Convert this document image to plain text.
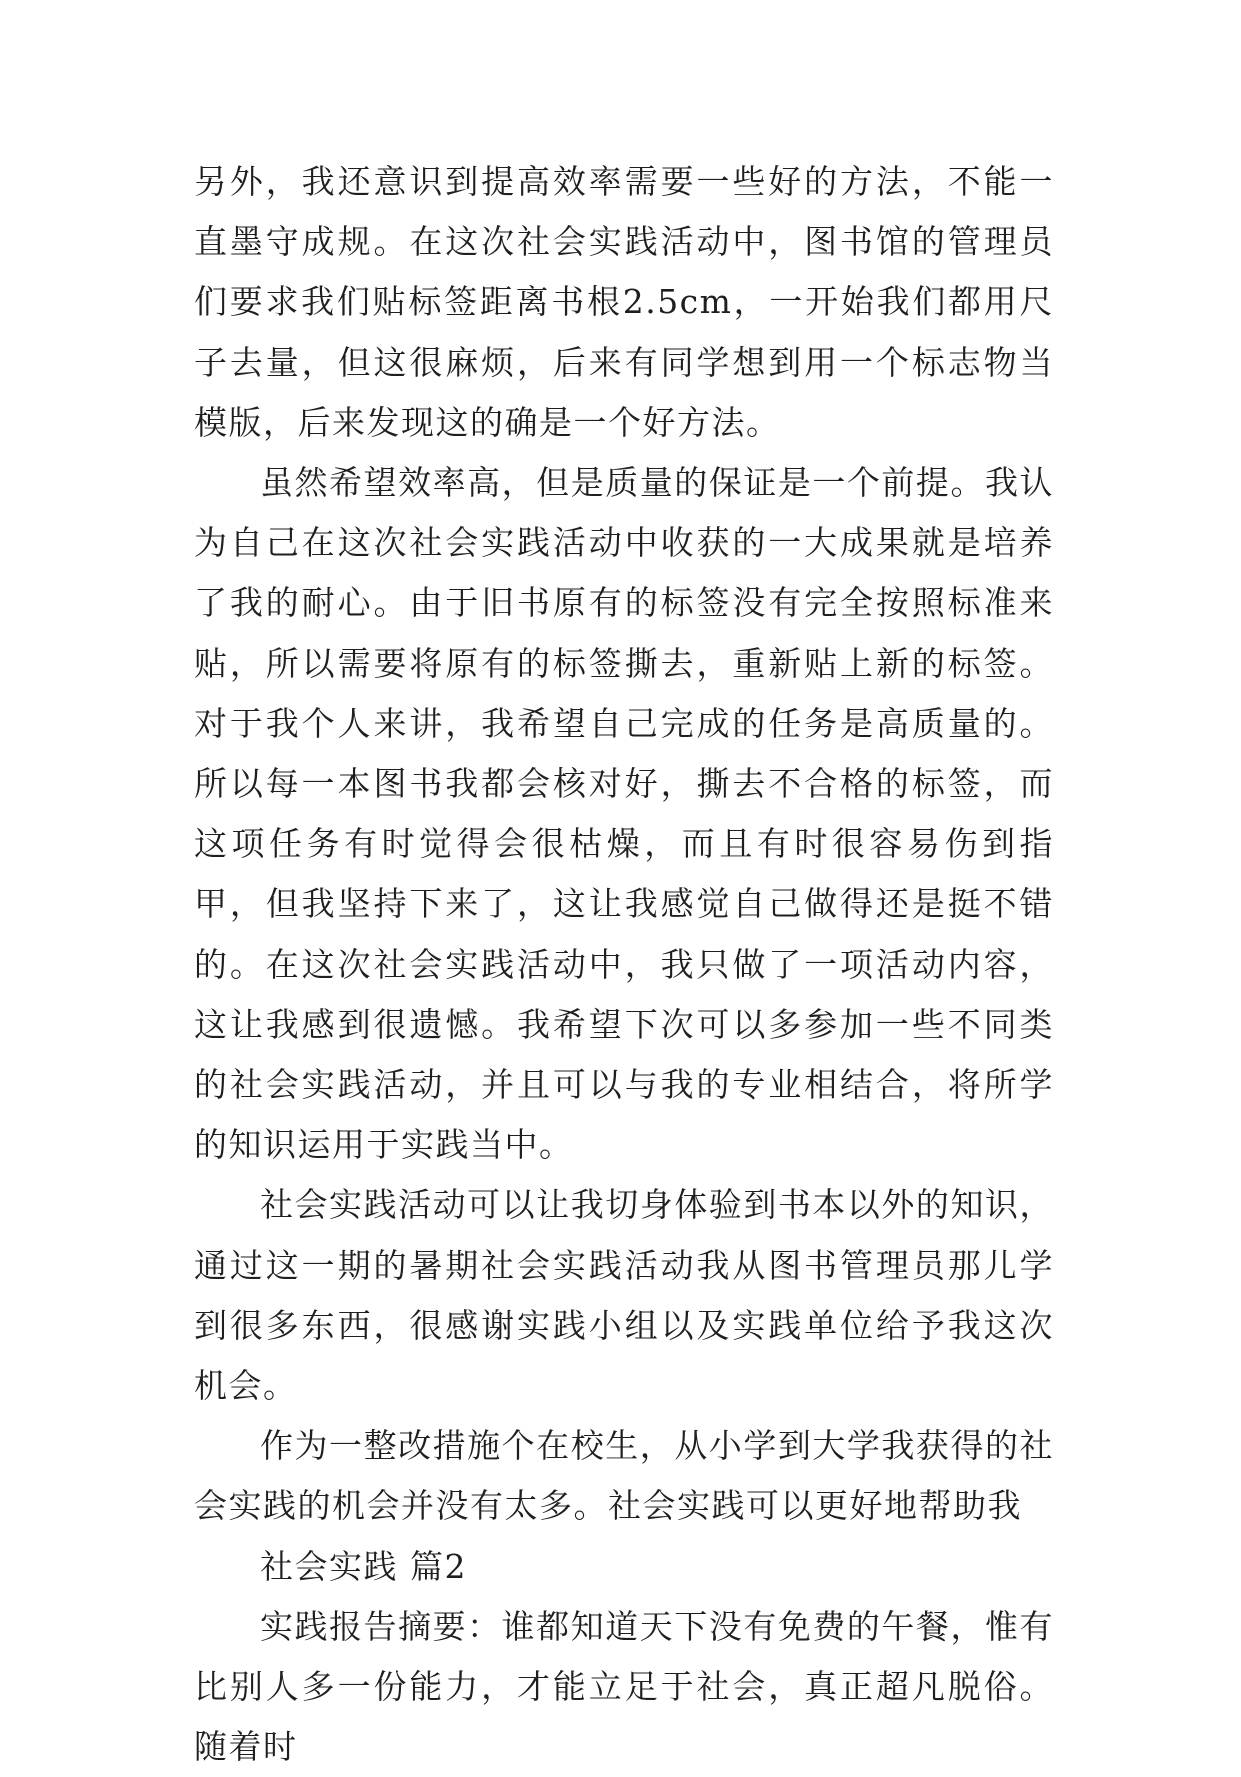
另外，我还意识到提高效率需要一些好的方法，不能一直墨守成规。在这次社会实践活动中，图书馆的管理员们要求我们贴标签距离书根2.5cm，一开始我们都用尺子去量，但这很麻烦，后来有同学想到用一个标志物当模版，后来发现这的确是一个好方法。

虽然希望效率高，但是质量的保证是一个前提。我认为自己在这次社会实践活动中收获的一大成果就是培养了我的耐心。由于旧书原有的标签没有完全按照标准来贴，所以需要将原有的标签撕去，重新贴上新的标签。对于我个人来讲，我希望自己完成的任务是高质量的。所以每一本图书我都会核对好，撕去不合格的标签，而这项任务有时觉得会很枯燥，而且有时很容易伤到指甲，但我坚持下来了，这让我感觉自己做得还是挺不错的。在这次社会实践活动中，我只做了一项活动内容，这让我感到很遗憾。我希望下次可以多参加一些不同类的社会实践活动，并且可以与我的专业相结合，将所学的知识运用于实践当中。

社会实践活动可以让我切身体验到书本以外的知识，通过这一期的暑期社会实践活动我从图书管理员那儿学到很多东西，很感谢实践小组以及实践单位给予我这次机会。

作为一整改措施个在校生，从小学到大学我获得的社会实践的机会并没有太多。社会实践可以更好地帮助我

社会实践 篇2

实践报告摘要：谁都知道天下没有免费的午餐，惟有比别人多一份能力，才能立足于社会，真正超凡脱俗。随着时
